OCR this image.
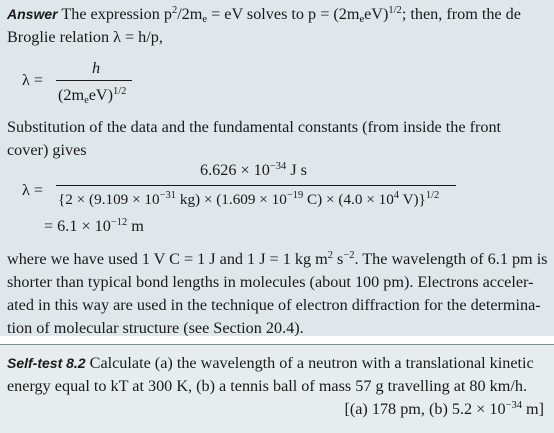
Answer The expression $p^2/2m_e$ = eV solves to $p = (2m_eeV)^{1/2}$; then, from the de
Broglie relation λ = h/p,
λ =
h
$(2m_eeV)^{1/2}$
Substitution of the data and the fundamental constants (from inside the front
cover) gives
λ =
$6.626 \times 10^{-34}$ J s
{$2 \times (9.109 \times 10^{-31}$ $kg) \times (1.609 \times 10^{-19}$ $C) \times (4.0 \times 10^4$ V)}$^{1/2}$
= $6.1 \times 10^{-12}$ m
where we have used 1 V C = 1 J and 1 J = 1 kg $m^2$ $s^{-2}$. The wavelength of 6.1 pm is
shorter than typical bond lengths in molecules (about 100 pm). Electrons acceler-
ated in this way are used in the technique of electron diffraction for the determina-
tion of molecular structure (see Section 20.4).
Self-test 8.2 Calculate (a) the wavelength of a neutron with a translational kinetic
energy equal to kT at 300 K, (b) a tennis ball of mass 57 g travelling at 80 km/h.
[(a) 178 pm, (b) $5.2 \times 10^{-34}$ m]
